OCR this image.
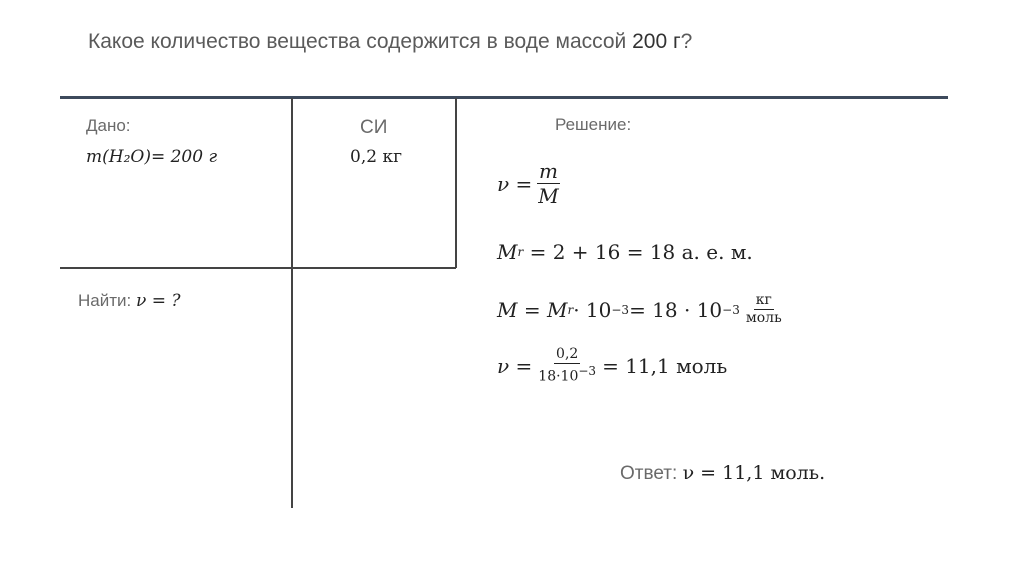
Какое количество вещества содержится в воде массой 200 г?
Дано:
m(H₂O)= 200 г
СИ
0,2 кг
Найти: ν = ?
Решение:
$\nu = \frac{m}{M}$
M r
= 2 + 16 = 18 а. е. м.
M = M $r \cdot 10 -3 = 18 \cdot 10 -3 \frac{кг}{\text{моль}}$
$\nu = \frac{0,2}{18\cdot 10^{-3}} = 11,1$ моль
Ответ: ν = 11,1 моль.
